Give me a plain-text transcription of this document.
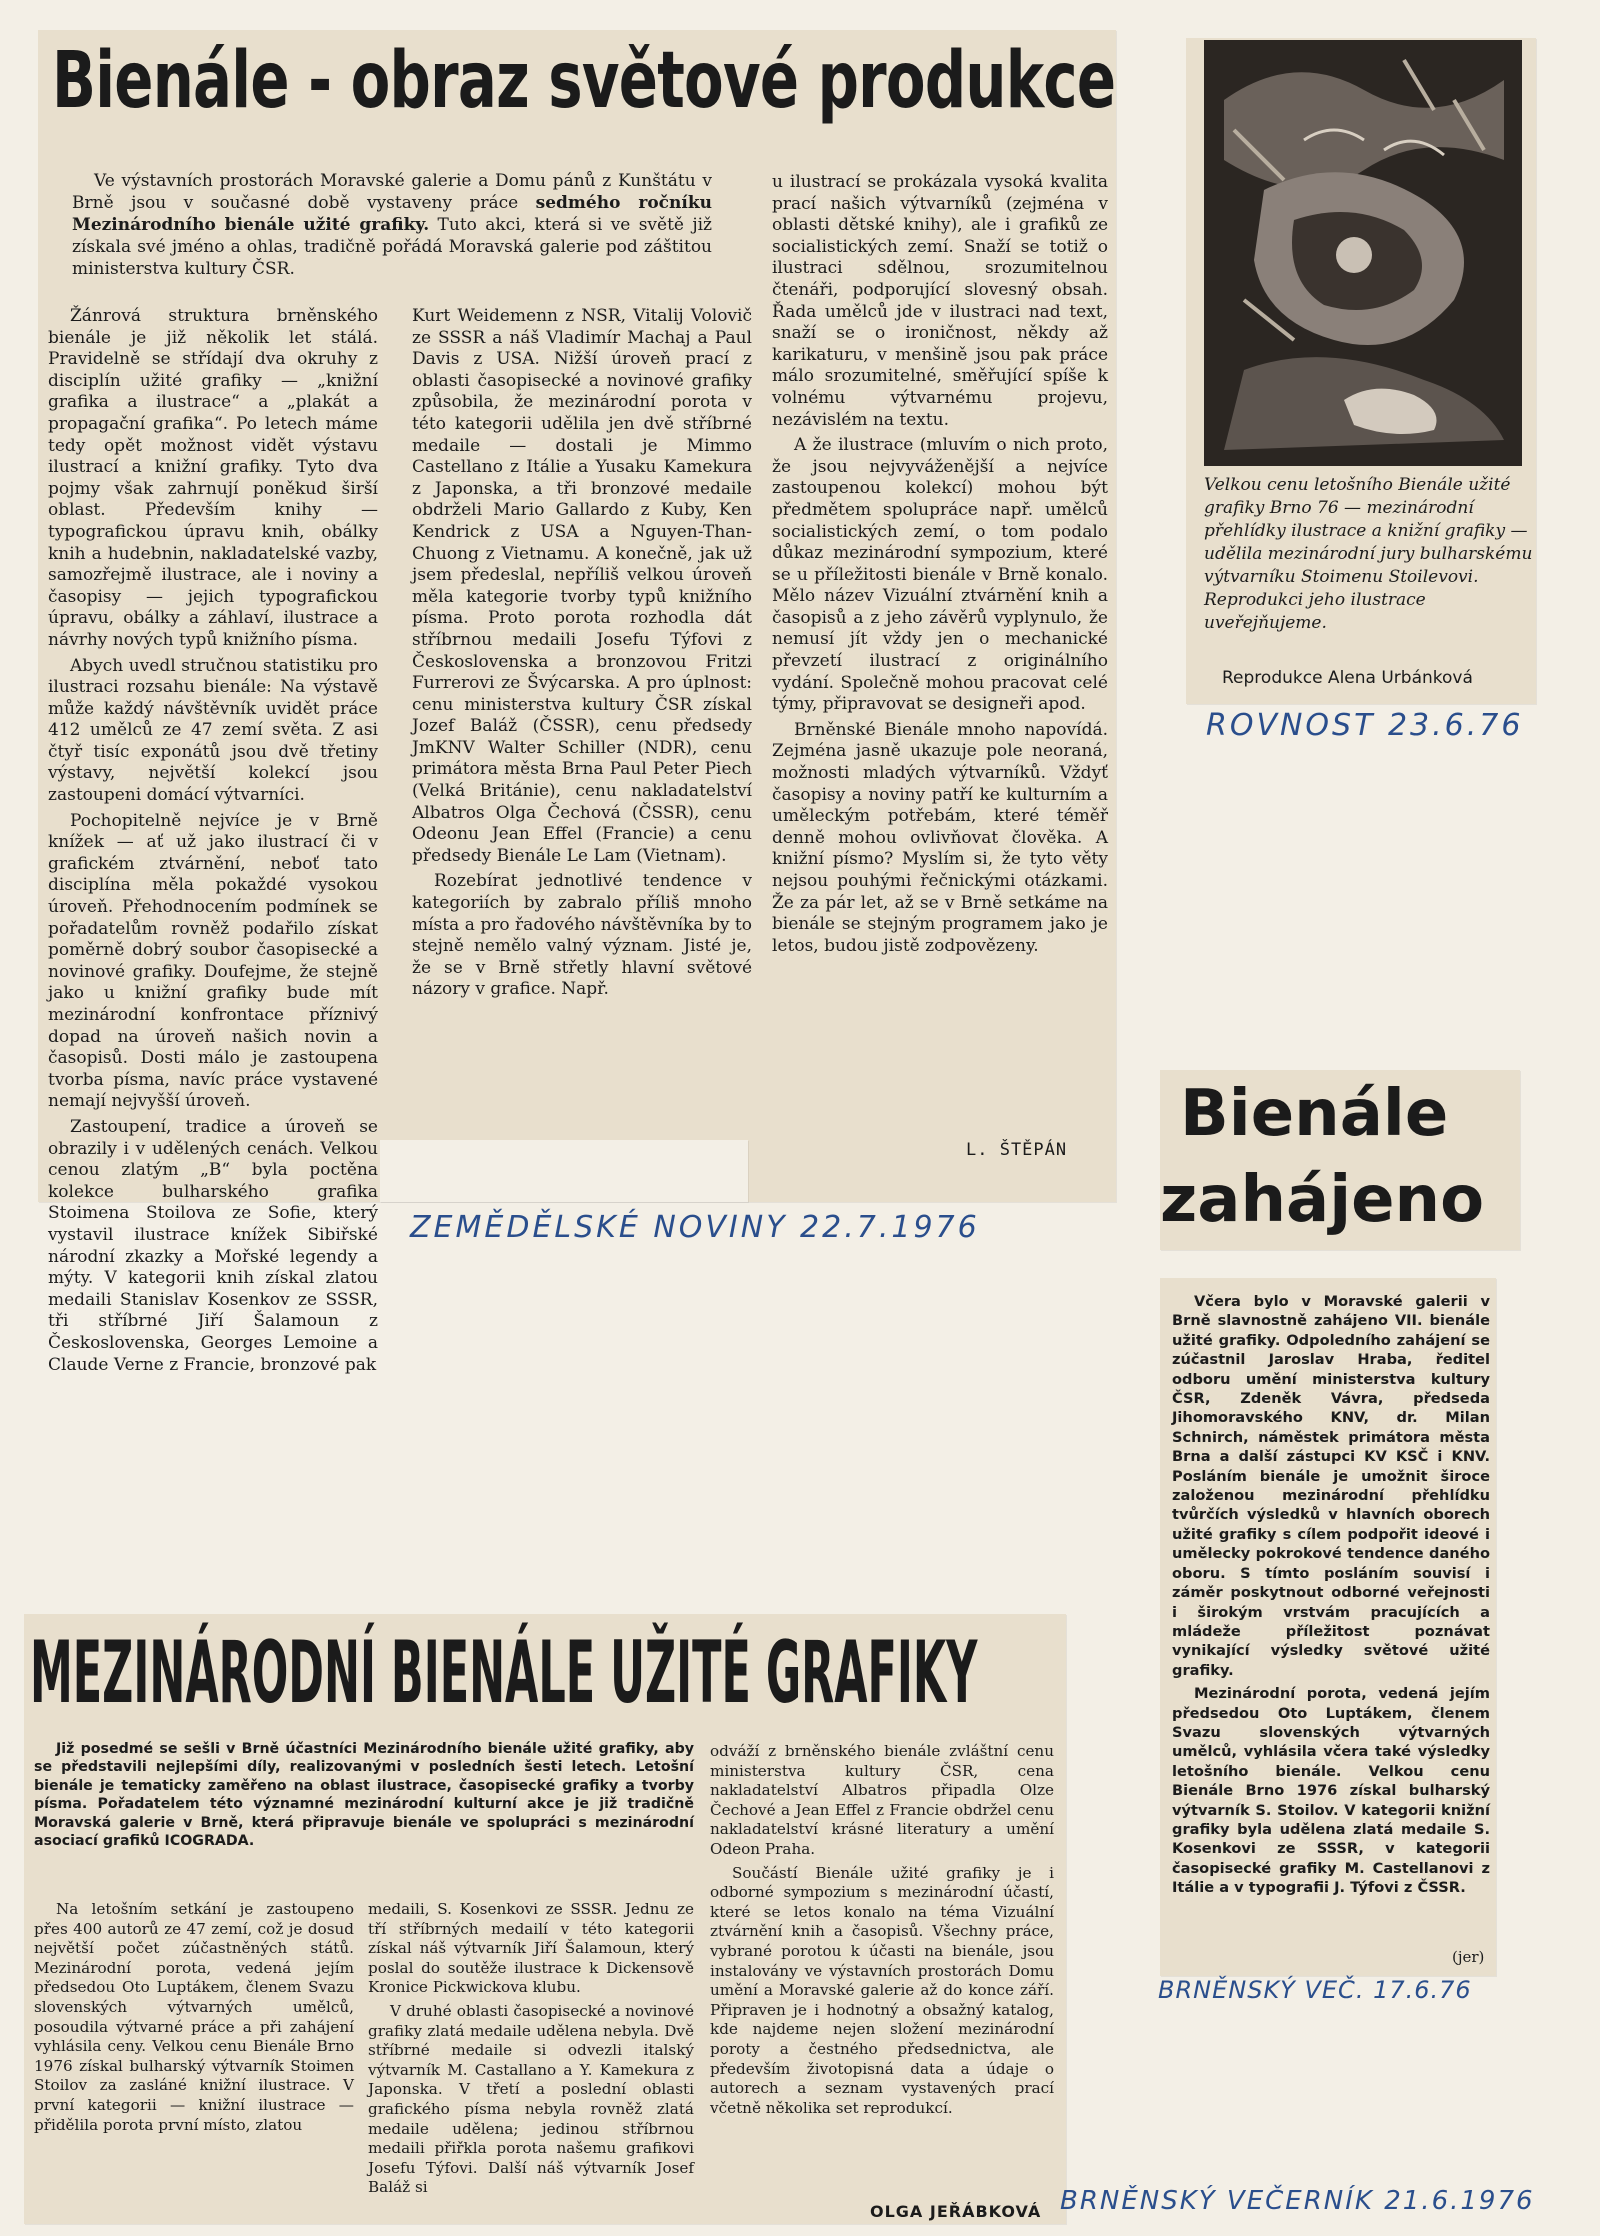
Bienále - obraz světové produkce
Ve výstavních prostorách Moravské galerie a Domu pánů z Kunštátu v Brně jsou v současné době vystaveny práce sedmého ročníku Mezinárodního bienále užité grafiky. Tuto akci, která si ve světě již získala své jméno a ohlas, tradičně pořádá Moravská galerie pod záštitou ministerstva kultury ČSR.

Žánrová struktura brněnského bienále je již několik let stálá. Pravidelně se střídají dva okruhy z disciplín užité grafiky — „knižní grafika a ilustrace“ a „plakát a propagační grafika“. Po letech máme tedy opět možnost vidět výstavu ilustrací a knižní grafiky. Tyto dva pojmy však zahrnují poněkud širší oblast. Především knihy — typografickou úpravu knih, obálky knih a hudebnin, nakladatelské vazby, samozřejmě ilustrace, ale i noviny a časopisy — jejich typografickou úpravu, obálky a záhlaví, ilustrace a návrhy nových typů knižního písma.

Abych uvedl stručnou statistiku pro ilustraci rozsahu bienále: Na výstavě může každý návštěvník uvidět práce 412 umělců ze 47 zemí světa. Z asi čtyř tisíc exponátů jsou dvě třetiny výstavy, největší kolekcí jsou zastoupeni domácí výtvarníci.

Pochopitelně nejvíce je v Brně knížek — ať už jako ilustrací či v grafickém ztvárnění, neboť tato disciplína měla pokaždé vysokou úroveň. Přehodnocením podmínek se pořadatelům rovněž podařilo získat poměrně dobrý soubor časopisecké a novinové grafiky. Doufejme, že stejně jako u knižní grafiky bude mít mezinárodní konfrontace příznivý dopad na úroveň našich novin a časopisů. Dosti málo je zastoupena tvorba písma, navíc práce vystavené nemají nejvyšší úroveň.

Zastoupení, tradice a úroveň se obrazily i v udělených cenách. Velkou cenou zlatým „B“ byla poctěna kolekce bulharského grafika Stoimena Stoilova ze Sofie, který vystavil ilustrace knížek Sibiřské národní zkazky a Mořské legendy a mýty. V kategorii knih získal zlatou medaili Stanislav Kosenkov ze SSSR, tři stříbrné Jiří Šalamoun z Československa, Georges Lemoine a Claude Verne z Francie, bronzové pak

Kurt Weidemenn z NSR, Vitalij Volovič ze SSSR a náš Vladimír Machaj a Paul Davis z USA. Nižší úroveň prací z oblasti časopisecké a novinové grafiky způsobila, že mezinárodní porota v této kategorii udělila jen dvě stříbrné medaile — dostali je Mimmo Castellano z Itálie a Yusaku Kamekura z Japonska, a tři bronzové medaile obdrželi Mario Gallardo z Kuby, Ken Kendrick z USA a Nguyen-Than-Chuong z Vietnamu. A konečně, jak už jsem předeslal, nepříliš velkou úroveň měla kategorie tvorby typů knižního písma. Proto porota rozhodla dát stříbrnou medaili Josefu Týfovi z Československa a bronzovou Fritzi Furrerovi ze Švýcarska. A pro úplnost: cenu ministerstva kultury ČSR získal Jozef Baláž (ČSSR), cenu předsedy JmKNV Walter Schiller (NDR), cenu primátora města Brna Paul Peter Piech (Velká Británie), cenu nakladatelství Albatros Olga Čechová (ČSSR), cenu Odeonu Jean Effel (Francie) a cenu předsedy Bienále Le Lam (Vietnam).

Rozebírat jednotlivé tendence v kategoriích by zabralo příliš mnoho místa a pro řadového návštěvníka by to stejně nemělo valný význam. Jisté je, že se v Brně střetly hlavní světové názory v grafice. Např.

u ilustrací se prokázala vysoká kvalita prací našich výtvarníků (zejména v oblasti dětské knihy), ale i grafiků ze socialistických zemí. Snaží se totiž o ilustraci sdělnou, srozumitelnou čtenáři, podporující slovesný obsah. Řada umělců jde v ilustraci nad text, snaží se o ironičnost, někdy až karikaturu, v menšině jsou pak práce málo srozumitelné, směřující spíše k volnému výtvarnému projevu, nezávislém na textu.

A že ilustrace (mluvím o nich proto, že jsou nejvyváženější a nejvíce zastoupenou kolekcí) mohou být předmětem spolupráce např. umělců socialistických zemí, o tom podalo důkaz mezinárodní sympozium, které se u příležitosti bienále v Brně konalo. Mělo název Vizuální ztvárnění knih a časopisů a z jeho závěrů vyplynulo, že nemusí jít vždy jen o mechanické převzetí ilustrací z originálního vydání. Společně mohou pracovat celé týmy, připravovat se designeři apod.

Brněnské Bienále mnoho napovídá. Zejména jasně ukazuje pole neoraná, možnosti mladých výtvarníků. Vždyť časopisy a noviny patří ke kulturním a uměleckým potřebám, které téměř denně mohou ovlivňovat člověka. A knižní písmo? Myslím si, že tyto věty nejsou pouhými řečnickými otázkami. Že za pár let, až se v Brně setkáme na bienále se stejným programem jako je letos, budou jistě zodpovězeny.

L. ŠTĚPÁN
ZEMĚDĚLSKÉ NOVINY 22.7.1976
Velkou cenu letošního Bienále užité grafiky Brno 76 — mezinárodní přehlídky ilustrace a knižní grafiky — udělila mezinárodní jury bulharskému výtvarníku Stoimenu Stoilevovi. Reprodukci jeho ilustrace uveřejňujeme.
Reprodukce Alena Urbánková
ROVNOST 23.6.76
Bienále
zahájeno

Včera bylo v Moravské galerii v Brně slavnostně zahájeno VII. bienále užité grafiky. Odpoledního zahájení se zúčastnil Jaroslav Hraba, ředitel odboru umění ministerstva kultury ČSR, Zdeněk Vávra, předseda Jihomoravského KNV, dr. Milan Schnirch, náměstek primátora města Brna a další zástupci KV KSČ i KNV. Posláním bienále je umožnit široce založenou mezinárodní přehlídku tvůrčích výsledků v hlavních oborech užité grafiky s cílem podpořit ideové i umělecky pokrokové tendence daného oboru. S tímto posláním souvisí i záměr poskytnout odborné veřejnosti i širokým vrstvám pracujících a mládeže příležitost poznávat vynikající výsledky světové užité grafiky.

Mezinárodní porota, vedená jejím předsedou Oto Luptákem, členem Svazu slovenských výtvarných umělců, vyhlásila včera také výsledky letošního bienále. Velkou cenu Bienále Brno 1976 získal bulharský výtvarník S. Stoilov. V kategorii knižní grafiky byla udělena zlatá medaile S. Kosenkovi ze SSSR, v kategorii časopisecké grafiky M. Castellanovi z Itálie a v typografii J. Týfovi z ČSSR.

(jer)
BRNĚNSKÝ VEČ. 17.6.76
MEZINÁRODNÍ BIENÁLE UŽITÉ GRAFIKY
Již posedmé se sešli v Brně účastníci Mezinárodního bienále užité grafiky, aby se představili nejlepšími díly, realizovanými v posledních šesti letech. Letošní bienále je tematicky zaměřeno na oblast ilustrace, časopisecké grafiky a tvorby písma. Pořadatelem této významné mezinárodní kulturní akce je již tradičně Moravská galerie v Brně, která připravuje bienále ve spolupráci s mezinárodní asociací grafiků ICOGRADA.

Na letošním setkání je zastoupeno přes 400 autorů ze 47 zemí, což je dosud největší počet zúčastněných států. Mezinárodní porota, vedená jejím předsedou Oto Luptákem, členem Svazu slovenských výtvarných umělců, posoudila výtvarné práce a při zahájení vyhlásila ceny. Velkou cenu Bienále Brno 1976 získal bulharský výtvarník Stoimen Stoilov za zasláné knižní ilustrace. V první kategorii — knižní ilustrace — přidělila porota první místo, zlatou

medaili, S. Kosenkovi ze SSSR. Jednu ze tří stříbrných medailí v této kategorii získal náš výtvarník Jiří Šalamoun, který poslal do soutěže ilustrace k Dickensově Kronice Pickwickova klubu.

V druhé oblasti časopisecké a novinové grafiky zlatá medaile udělena nebyla. Dvě stříbrné medaile si odvezli italský výtvarník M. Castallano a Y. Kamekura z Japonska. V třetí a poslední oblasti grafického písma nebyla rovněž zlatá medaile udělena; jedinou stříbrnou medaili přiřkla porota našemu grafikovi Josefu Týfovi. Další náš výtvarník Josef Baláž si

odváží z brněnského bienále zvláštní cenu ministerstva kultury ČSR, cena nakladatelství Albatros připadla Olze Čechové a Jean Effel z Francie obdržel cenu nakladatelství krásné literatury a umění Odeon Praha.

Součástí Bienále užité grafiky je i odborné sympozium s mezinárodní účastí, které se letos konalo na téma Vizuální ztvárnění knih a časopisů. Všechny práce, vybrané porotou k účasti na bienále, jsou instalovány ve výstavních prostorách Domu umění a Moravské galerie až do konce září. Připraven je i hodnotný a obsažný katalog, kde najdeme nejen složení mezinárodní poroty a čestného předsednictva, ale především životopisná data a údaje o autorech a seznam vystavených prací včetně několika set reprodukcí.

OLGA JEŘÁBKOVÁ BRNĚNSKÝ VEČERNÍK 21.6.1976
